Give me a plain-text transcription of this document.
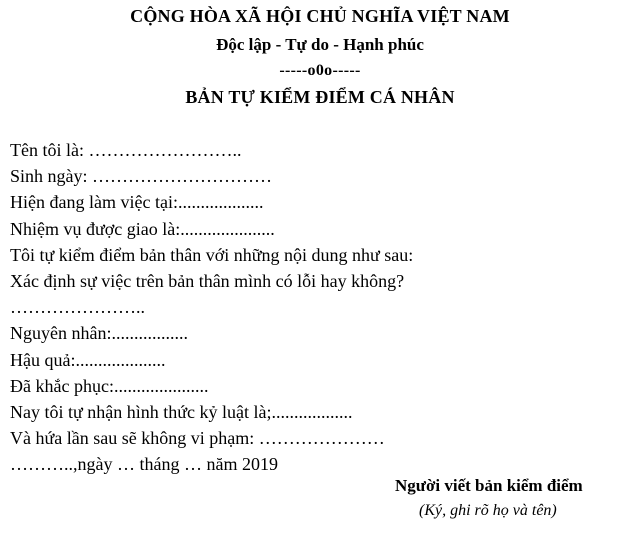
CỘNG HÒA XÃ HỘI CHỦ NGHĨA VIỆT NAM
Độc lập - Tự do - Hạnh phúc
-----o0o-----
BẢN TỰ KIỂM ĐIỂM CÁ NHÂN
Tên tôi là: ……………………..
Sinh ngày: …………………………
Hiện đang làm việc tại:...................
Nhiệm vụ được giao là:.....................
Tôi tự kiểm điểm bản thân với những nội dung như sau:
Xác định sự việc trên bản thân mình có lỗi hay không?
…………………..
Nguyên nhân:.................
Hậu quả:....................
Đã khắc phục:.....................
Nay tôi tự nhận hình thức kỷ luật là;..................
Và hứa lần sau sẽ không vi phạm: …………………
………..,ngày … tháng … năm 2019
Người viết bản kiểm điểm
(Ký, ghi rõ họ và tên)
